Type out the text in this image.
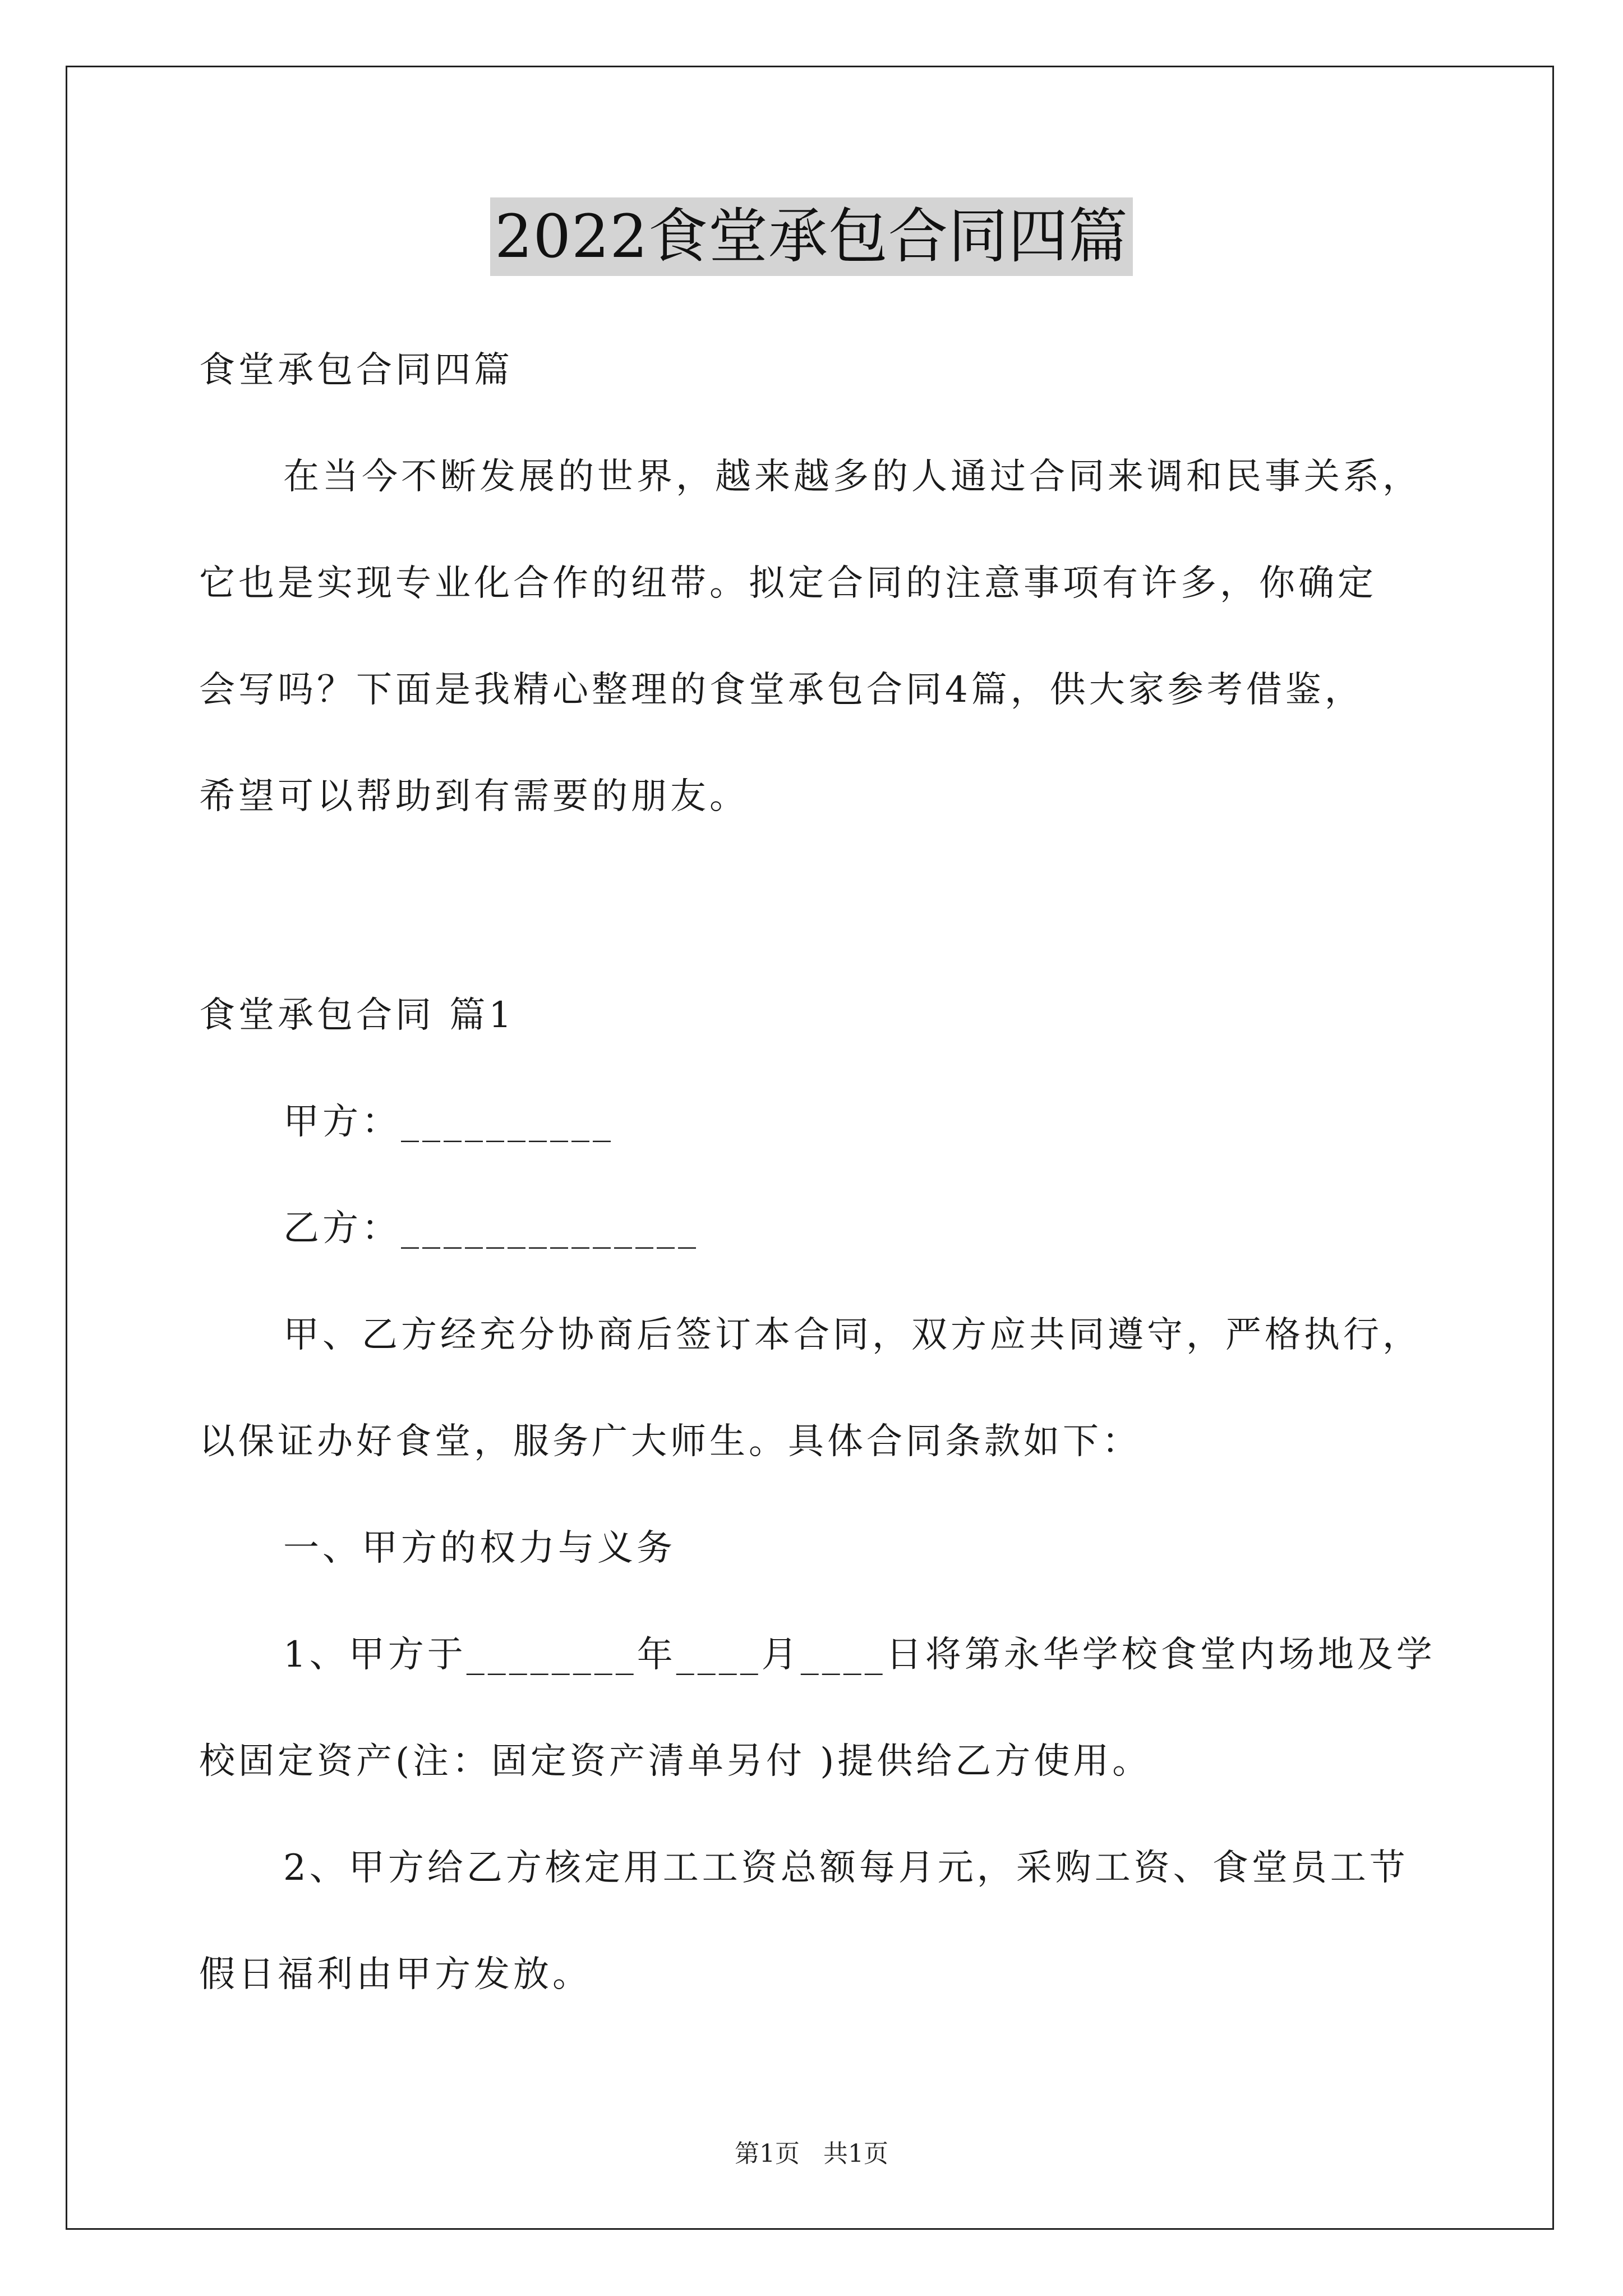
2022食堂承包合同四篇
食堂承包合同四篇
在当今不断发展的世界，越来越多的人通过合同来调和民事关系，
它也是实现专业化合作的纽带。拟定合同的注意事项有许多，你确定
会写吗？下面是我精心整理的食堂承包合同4篇，供大家参考借鉴，
希望可以帮助到有需要的朋友。
食堂承包合同 篇1
甲方：__________
乙方：______________
甲、乙方经充分协商后签订本合同，双方应共同遵守，严格执行，
以保证办好食堂，服务广大师生。具体合同条款如下：
一、甲方的权力与义务
1、甲方于________年____月____日将第永华学校食堂内场地及学
校固定资产(注：固定资产清单另付 )提供给乙方使用。
2、甲方给乙方核定用工工资总额每月元，采购工资、食堂员工节
假日福利由甲方发放。
第1页 共1页
